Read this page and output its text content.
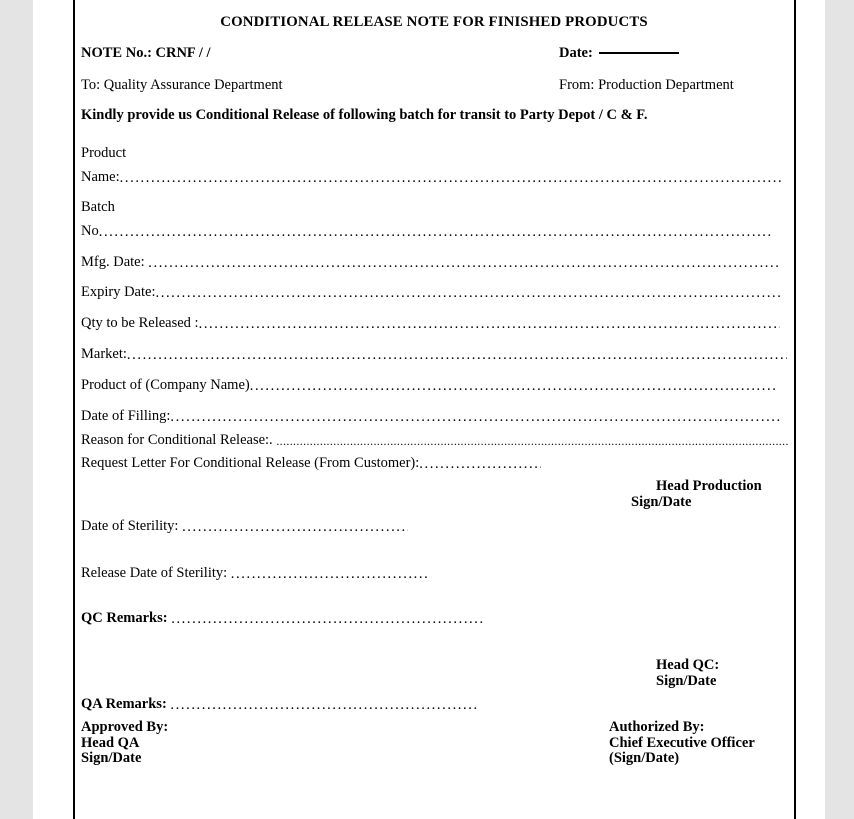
CONDITIONAL RELEASE NOTE FOR FINISHED PRODUCTS
NOTE No.: CRNF / /	Date:
To: Quality Assurance Department	From: Production Department
Kindly provide us Conditional Release of following batch for transit to Party Depot / C & F.
Product
Name:
.....
Batch
No
.....
Mfg. Date:
.....
Expiry Date:
.....
Qty to be Released :
.....
Market:
.....
Product of (Company Name)
.....
Date of Filling:
.....
Reason for Conditional Release:.
.....
Request Letter For Conditional Release (From Customer):
.....
Head Production
Sign/Date
Date of Sterility:
.....
Release Date of Sterility:
.....
QC Remarks:
.....
Head QC:
Sign/Date
QA Remarks:
.....
Approved By:
Head QA
Sign/Date
Authorized By:
Chief Executive Officer
(Sign/Date)
